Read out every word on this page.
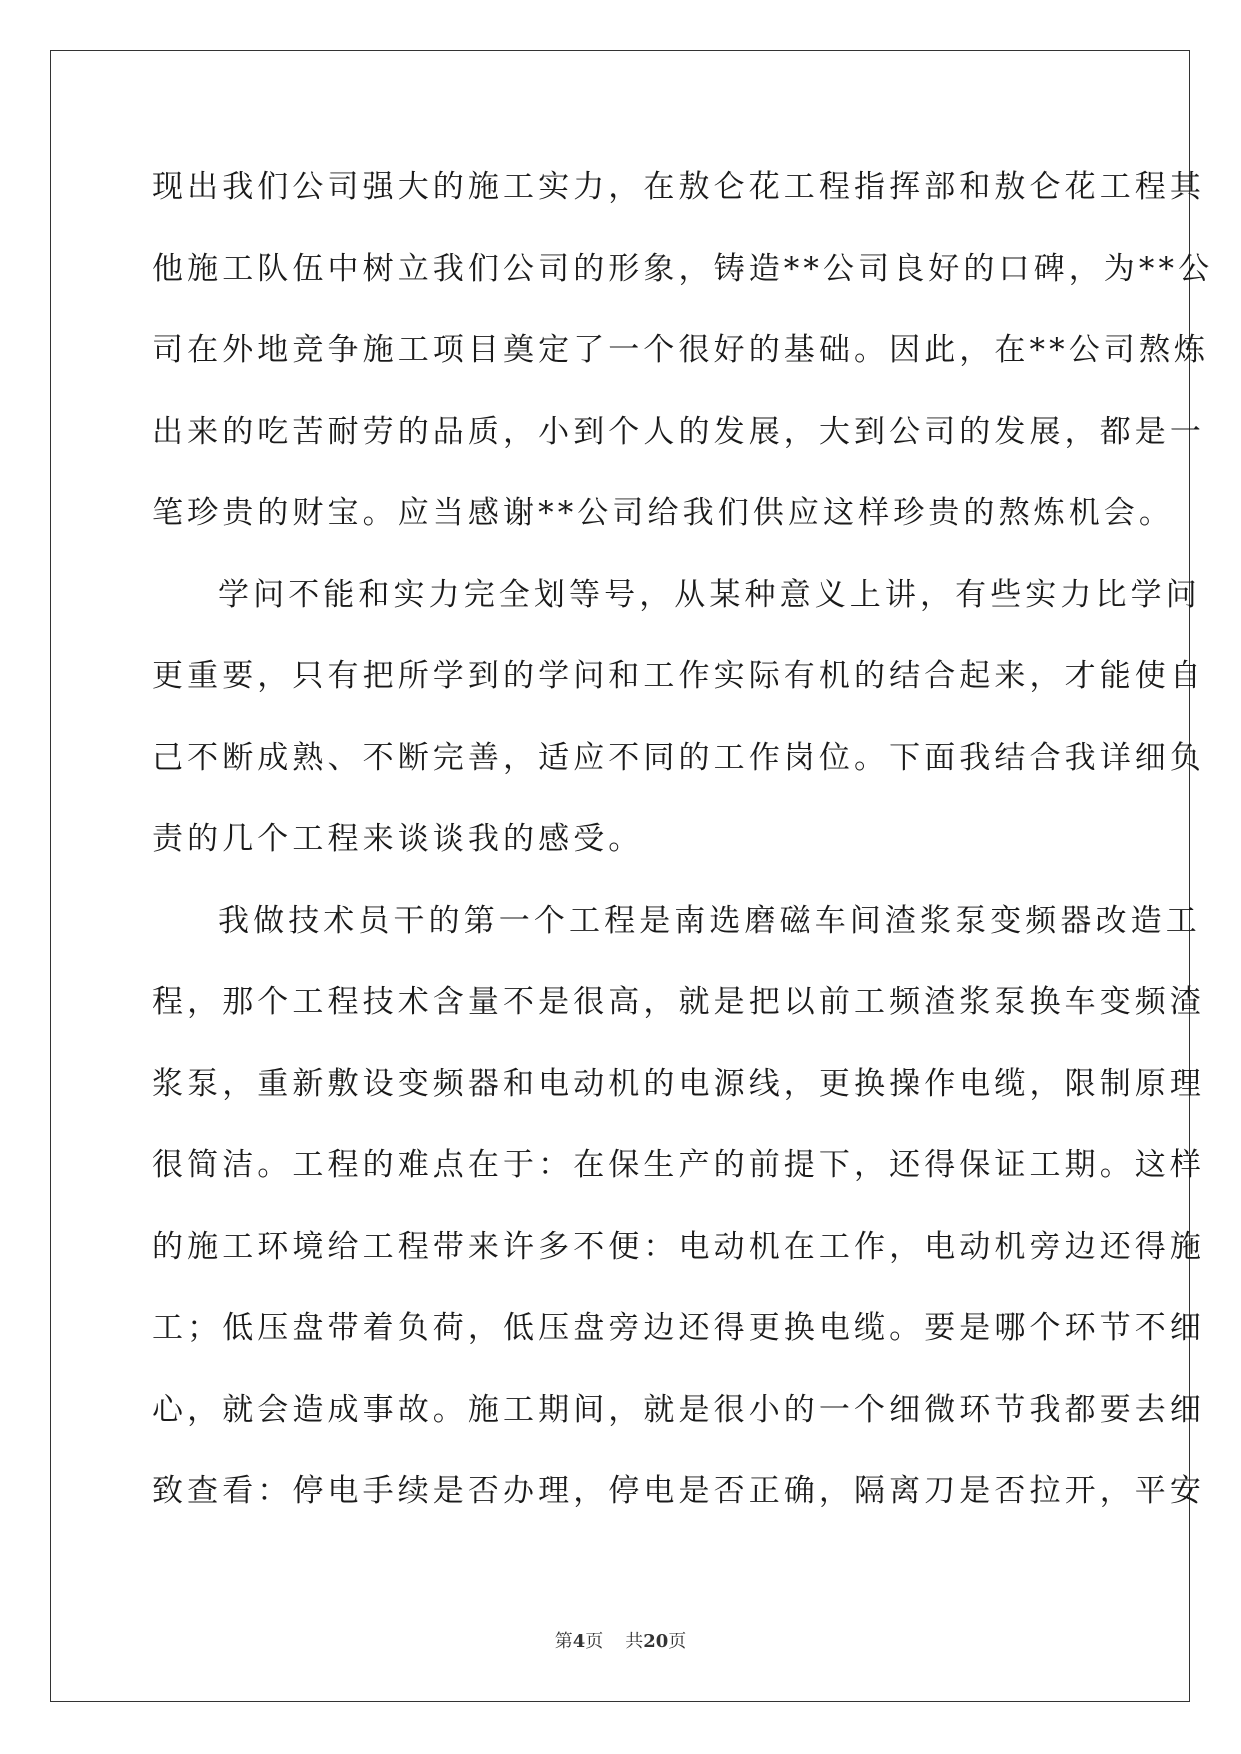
现出我们公司强大的施工实力，在敖仑花工程指挥部和敖仑花工程其
他施工队伍中树立我们公司的形象，铸造**公司良好的口碑，为**公
司在外地竞争施工项目奠定了一个很好的基础。因此，在**公司熬炼
出来的吃苦耐劳的品质，小到个人的发展，大到公司的发展，都是一
笔珍贵的财宝。应当感谢**公司给我们供应这样珍贵的熬炼机会。

学问不能和实力完全划等号，从某种意义上讲，有些实力比学问
更重要，只有把所学到的学问和工作实际有机的结合起来，才能使自
己不断成熟、不断完善，适应不同的工作岗位。下面我结合我详细负
责的几个工程来谈谈我的感受。

我做技术员干的第一个工程是南选磨磁车间渣浆泵变频器改造工
程，那个工程技术含量不是很高，就是把以前工频渣浆泵换车变频渣
浆泵，重新敷设变频器和电动机的电源线，更换操作电缆，限制原理
很简洁。工程的难点在于：在保生产的前提下，还得保证工期。这样
的施工环境给工程带来许多不便：电动机在工作，电动机旁边还得施
工；低压盘带着负荷，低压盘旁边还得更换电缆。要是哪个环节不细
心，就会造成事故。施工期间，就是很小的一个细微环节我都要去细
致查看：停电手续是否办理，停电是否正确，隔离刀是否拉开，平安

第4页 共20页
